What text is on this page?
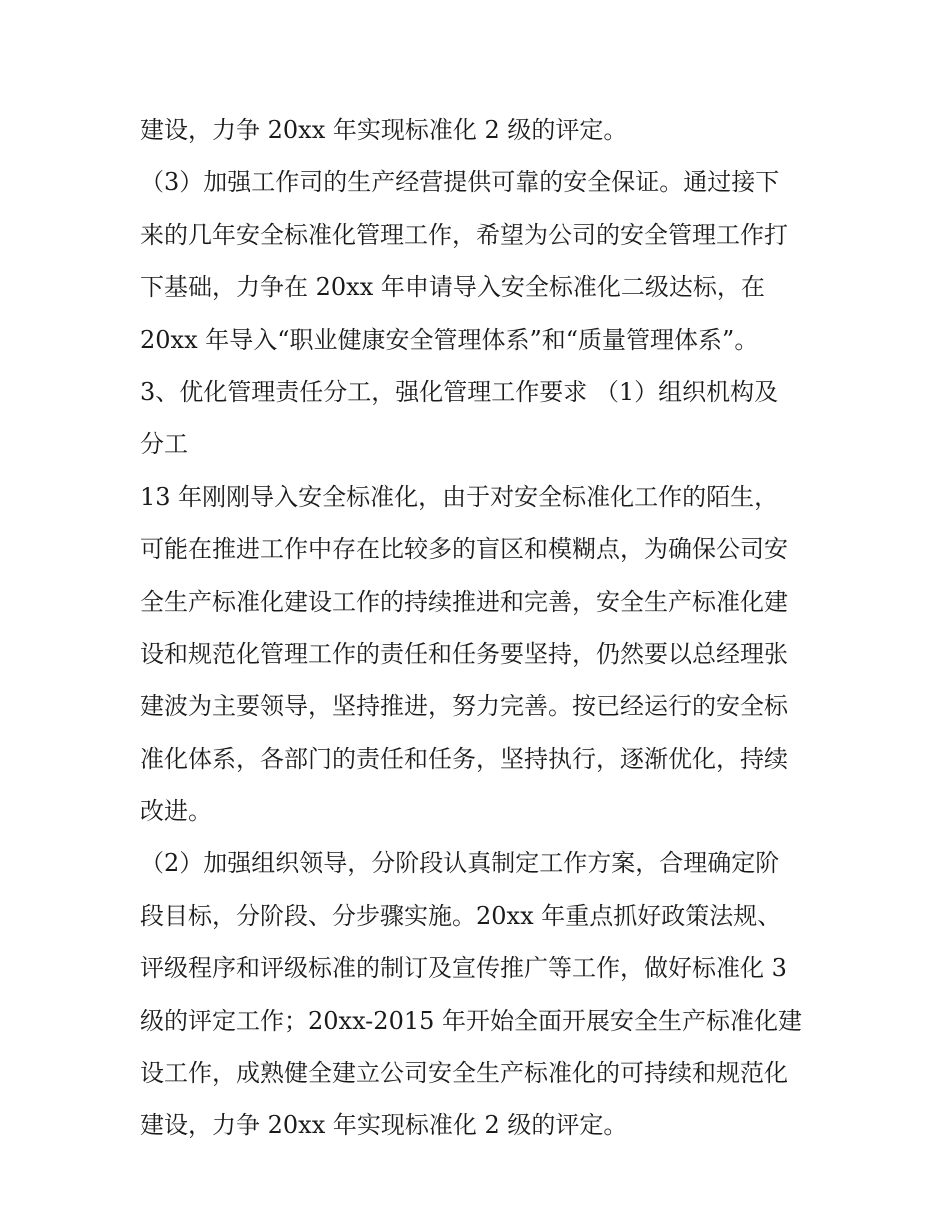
建设，力争 20xx 年实现标准化 2 级的评定。
（3）加强工作司的生产经营提供可靠的安全保证。通过接下
来的几年安全标准化管理工作，希望为公司的安全管理工作打
下基础，力争在 20xx 年申请导入安全标准化二级达标，在
20xx 年导入“职业健康安全管理体系”和“质量管理体系”。
3、优化管理责任分工，强化管理工作要求 （1）组织机构及
分工
13 年刚刚导入安全标准化，由于对安全标准化工作的陌生，
可能在推进工作中存在比较多的盲区和模糊点，为确保公司安
全生产标准化建设工作的持续推进和完善，安全生产标准化建
设和规范化管理工作的责任和任务要坚持，仍然要以总经理张
建波为主要领导，坚持推进，努力完善。按已经运行的安全标
准化体系，各部门的责任和任务，坚持执行，逐渐优化，持续
改进。
（2）加强组织领导，分阶段认真制定工作方案，合理确定阶
段目标，分阶段、分步骤实施。20xx 年重点抓好政策法规、
评级程序和评级标准的制订及宣传推广等工作，做好标准化 3
级的评定工作；20xx-2015 年开始全面开展安全生产标准化建
设工作，成熟健全建立公司安全生产标准化的可持续和规范化
建设，力争 20xx 年实现标准化 2 级的评定。
